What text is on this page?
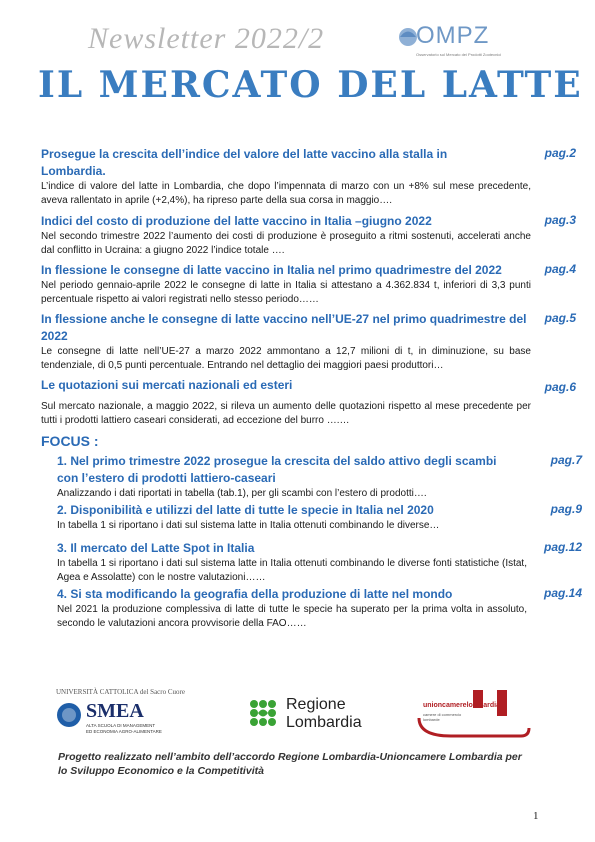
Newsletter 2022/2	OMPZ
Osservatorio sul Mercato dei Prodotti Zootecnici
IL MERCATO DEL LATTE
Prosegue la crescita dell’indice del valore del latte vaccino alla stalla in Lombardia.
L’indice di valore del latte in Lombardia, che dopo l’impennata di marzo con un +8% sul mese precedente, aveva rallentato in aprile (+2,4%), ha ripreso parte della sua corsa in maggio….
pag.2
Indici del costo di produzione del latte vaccino in Italia –giugno 2022
Nel secondo trimestre 2022 l’aumento dei costi di produzione è proseguito a ritmi sostenuti, accelerati anche dal conflitto in Ucraina: a giugno 2022 l’indice totale ….
pag.3
In flessione le consegne di latte vaccino in Italia nel primo quadrimestre del 2022
Nel periodo gennaio-aprile 2022 le consegne di latte in Italia si attestano a 4.362.834 t, inferiori di 3,3 punti percentuale rispetto ai valori registrati nello stesso periodo……
pag.4
In flessione anche le consegne di latte vaccino nell’UE-27 nel primo quadrimestre del 2022
Le consegne di latte nell’UE-27 a marzo 2022 ammontano a 12,7 milioni di t, in diminuzione, su base tendenziale, di 0,5 punti percentuale. Entrando nel dettaglio dei maggiori paesi produttori…
pag.5
Le quotazioni sui mercati nazionali ed esteri
Sul mercato nazionale, a maggio 2022, si rileva un aumento delle quotazioni rispetto al mese precedente per tutti i prodotti lattiero caseari considerati, ad eccezione del burro ….…
pag.6
FOCUS :
1. Nel primo trimestre 2022 prosegue la crescita del saldo attivo degli scambi con l’estero di prodotti lattiero-caseari
Analizzando i dati riportati in tabella (tab.1), per gli scambi con l’estero di prodotti….
pag.7
2. Disponibilità e utilizzi del latte di tutte le specie in Italia nel 2020
In tabella 1 si riportano i dati sul sistema latte in Italia ottenuti combinando le diverse…
pag.9
3. Il mercato del Latte Spot in Italia
In tabella 1 si riportano i dati sul sistema latte in Italia ottenuti combinando le diverse fonti statistiche (Istat, Agea e Assolatte) con le nostre valutazioni……
pag.12
4. Si sta modificando la geografia della produzione di latte nel mondo
Nel 2021 la produzione complessiva di latte di tutte le specie ha superato per la prima volta in assoluto, secondo le valutazioni ancora provvisorie della FAO……
pag.14
UNIVERSITÀ CATTOLICA del Sacro Cuore
SMEA
ALTA SCUOLA DI MANAGEMENT
ED ECONOMIA AGRO-ALIMENTARE
Regione
Lombardia
unioncamerelombardia
camere di commercio lombarde
Progetto realizzato nell’ambito dell’accordo Regione Lombardia-Unioncamere Lombardia per lo Sviluppo Economico e la Competitività
1
